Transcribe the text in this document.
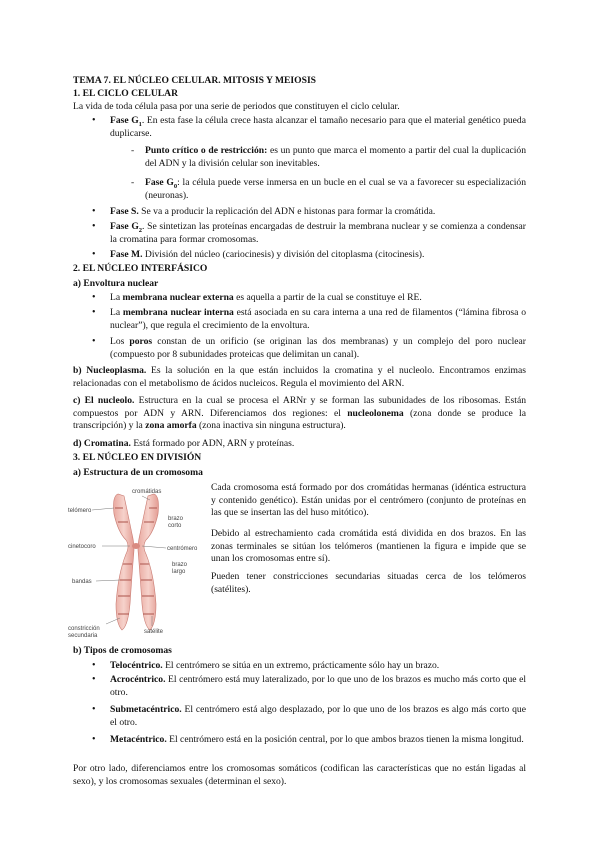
TEMA 7. EL NÚCLEO CELULAR. MITOSIS Y MEIOSIS
1. EL CICLO CELULAR
La vida de toda célula pasa por una serie de periodos que constituyen el ciclo celular.
• Fase $G_1$. En esta fase la célula crece hasta alcanzar el tamaño necesario para que el material genético pueda duplicarse.
- Punto crítico o de restricción: es un punto que marca el momento a partir del cual la duplicación del ADN y la división celular son inevitables.
- Fase $G_0$: la célula puede verse inmersa en un bucle en el cual se va a favorecer su especialización (neuronas).
• Fase S. Se va a producir la replicación del ADN e histonas para formar la cromátida.
• Fase $G_2$. Se sintetizan las proteínas encargadas de destruir la membrana nuclear y se comienza a condensar la cromatina para formar cromosomas.
• Fase M. División del núcleo (cariocinesis) y división del citoplasma (citocinesis).
2. EL NÚCLEO INTERFÁSICO
a) Envoltura nuclear
• La membrana nuclear externa es aquella a partir de la cual se constituye el RE.
• La membrana nuclear interna está asociada en su cara interna a una red de filamentos (“lámina fibrosa o nuclear”), que regula el crecimiento de la envoltura.
• Los poros constan de un orificio (se originan las dos membranas) y un complejo del poro nuclear (compuesto por 8 subunidades proteicas que delimitan un canal).
b) Nucleoplasma. Es la solución en la que están incluidos la cromatina y el nucleolo. Encontramos enzimas relacionadas con el metabolismo de ácidos nucleicos. Regula el movimiento del ARN.
c) El nucleolo. Estructura en la cual se procesa el ARNr y se forman las subunidades de los ribosomas. Están compuestos por ADN y ARN. Diferenciamos dos regiones: el nucleolonema (zona donde se produce la transcripción) y la zona amorfa (zona inactiva sin ninguna estructura).
d) Cromatina. Está formado por ADN, ARN y proteínas.
3. EL NÚCLEO EN DIVISIÓN
a) Estructura de un cromosoma
cromátidas
telómero
brazo
corto
cinetocoro	centrómero
brazo
largo
bandas
satélite
constricción
secundaria
Cada cromosoma está formado por dos cromátidas hermanas (idéntica estructura y contenido genético). Están unidas por el centrómero (conjunto de proteínas en las que se insertan las del huso mitótico).
Debido al estrechamiento cada cromátida está dividida en dos brazos. En las zonas terminales se sitúan los telómeros (mantienen la figura e impide que se unan los cromosomas entre sí).
Pueden tener constricciones secundarias situadas cerca de los telómeros (satélites).
b) Tipos de cromosomas
• Telocéntrico. El centrómero se sitúa en un extremo, prácticamente sólo hay un brazo.
• Acrocéntrico. El centrómero está muy lateralizado, por lo que uno de los brazos es mucho más corto que el otro.
• Submetacéntrico. El centrómero está algo desplazado, por lo que uno de los brazos es algo más corto que el otro.
• Metacéntrico. El centrómero está en la posición central, por lo que ambos brazos tienen la misma longitud.
Por otro lado, diferenciamos entre los cromosomas somáticos (codifican las características que no están ligadas al sexo), y los cromosomas sexuales (determinan el sexo).
